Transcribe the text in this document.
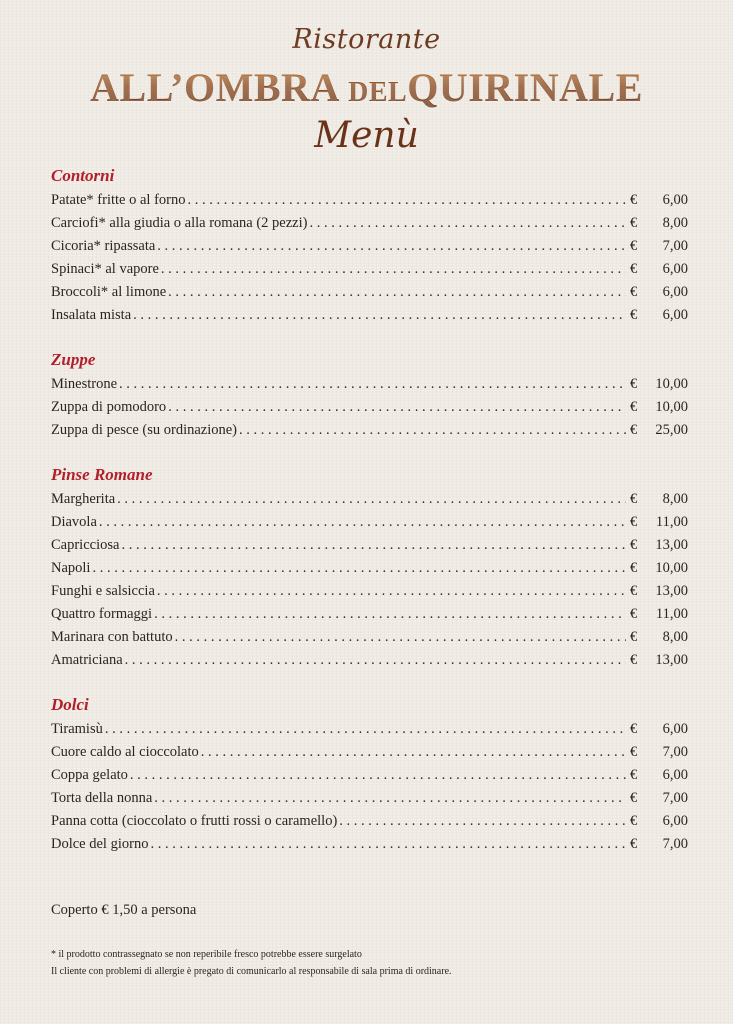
Ristorante
ALL’OMBRA DELQUIRINALE
Menù
Contorni
Patate* fritte o al forno . . .	€	6,00
Carciofi* alla giudia o alla romana (2 pezzi) . . .	€	8,00
Cicoria* ripassata . . .	€	7,00
Spinaci* al vapore . . .	€	6,00
Broccoli* al limone . . .	€	6,00
Insalata mista . . .	€	6,00
Zuppe
Minestrone . . .	€	10,00
Zuppa di pomodoro . . .	€	10,00
Zuppa di pesce (su ordinazione) . . .	€	25,00
Pinse Romane
Margherita . . .	€	8,00
Diavola . . .	€	11,00
Capricciosa . . .	€	13,00
Napoli . . .	€	10,00
Funghi e salsiccia . . .	€	13,00
Quattro formaggi . . .	€	11,00
Marinara con battuto . . .	€	8,00
Amatriciana . . .	€	13,00
Dolci
Tiramisù . . .	€	6,00
Cuore caldo al cioccolato . . .	€	7,00
Coppa gelato . . .	€	6,00
Torta della nonna . . .	€	7,00
Panna cotta (cioccolato o frutti rossi o caramello) . . .	€	6,00
Dolce del giorno . . .	€	7,00
Coperto € 1,50 a persona
* il prodotto contrassegnato se non reperibile fresco potrebbe essere surgelato
Il cliente con problemi di allergie è pregato di comunicarlo al responsabile di sala prima di ordinare.
